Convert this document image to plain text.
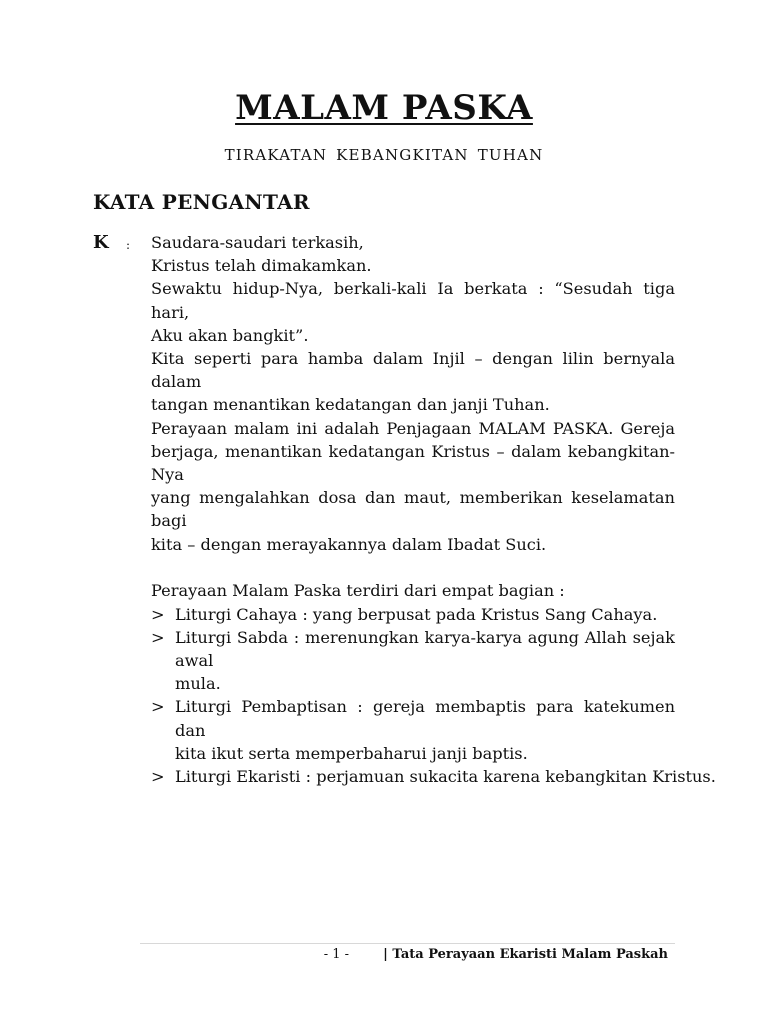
MALAM PASKA
TIRAKATAN KEBANGKITAN TUHAN
KATA PENGANTAR
K : Saudara-saudari terkasih,
Kristus telah dimakamkan.
Sewaktu hidup-Nya, berkali-kali Ia berkata : “Sesudah tiga hari,
Aku akan bangkit”.
Kita seperti para hamba dalam Injil – dengan lilin bernyala dalam
tangan menantikan kedatangan dan janji Tuhan.
Perayaan malam ini adalah Penjagaan MALAM PASKA. Gereja
berjaga, menantikan kedatangan Kristus – dalam kebangkitan-Nya
yang mengalahkan dosa dan maut, memberikan keselamatan bagi
kita – dengan merayakannya dalam Ibadat Suci.
Perayaan Malam Paska terdiri dari empat bagian :
> Liturgi Cahaya : yang berpusat pada Kristus Sang Cahaya.
> Liturgi Sabda : merenungkan karya-karya agung Allah sejak awal
mula.
> Liturgi Pembaptisan : gereja membaptis para katekumen dan
kita ikut serta memperbaharui janji baptis.
> Liturgi Ekaristi : perjamuan sukacita karena kebangkitan Kristus.
- 1 -	| Tata Perayaan Ekaristi Malam Paskah
